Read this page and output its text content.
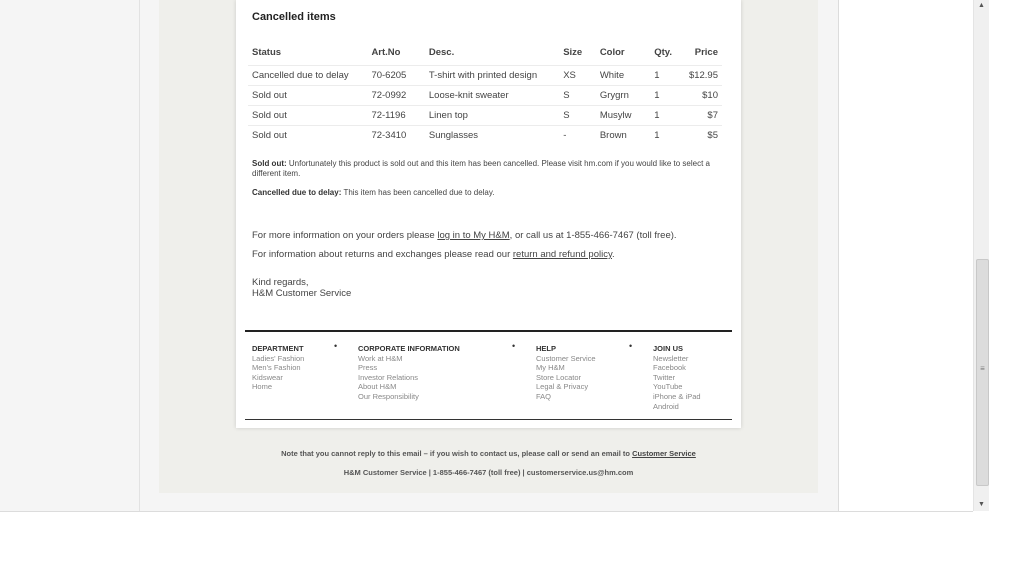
Cancelled items
Status	Art.No	Desc.	Size	Color	Qty.	Price
Cancelled due to delay	70-6205	T-shirt with printed design	XS	White	1	$12.95
Sold out	72-0992	Loose-knit sweater	S	Grygrn	1	$10
Sold out	72-1196	Linen top	S	Musylw	1	$7
Sold out	72-3410	Sunglasses	-	Brown	1	$5

Sold out: Unfortunately this product is sold out and this item has been cancelled. Please visit hm.com if you would like to select a different item.

Cancelled due to delay: This item has been cancelled due to delay.

For more information on your orders please log in to My H&M, or call us at 1-855-466-7467 (toll free).

For information about returns and exchanges please read our return and refund policy.

Kind regards,

H&M Customer Service

DEPARTMENT
Ladies' Fashion
Men's Fashion
Kidswear
Home
•	CORPORATE INFORMATION
Work at H&M
Press
Investor Relations
About H&M
Our Responsibility
•	HELP
Customer Service
My H&M
Store Locator
Legal & Privacy
FAQ
•	JOIN US
Newsletter
Facebook
Twitter
YouTube
iPhone & iPad
Android

Note that you cannot reply to this email – if you wish to contact us, please call or send an email to Customer Service

H&M Customer Service | 1-855-466-7467 (toll free) | customerservice.us@hm.com

▲
≡
▼
